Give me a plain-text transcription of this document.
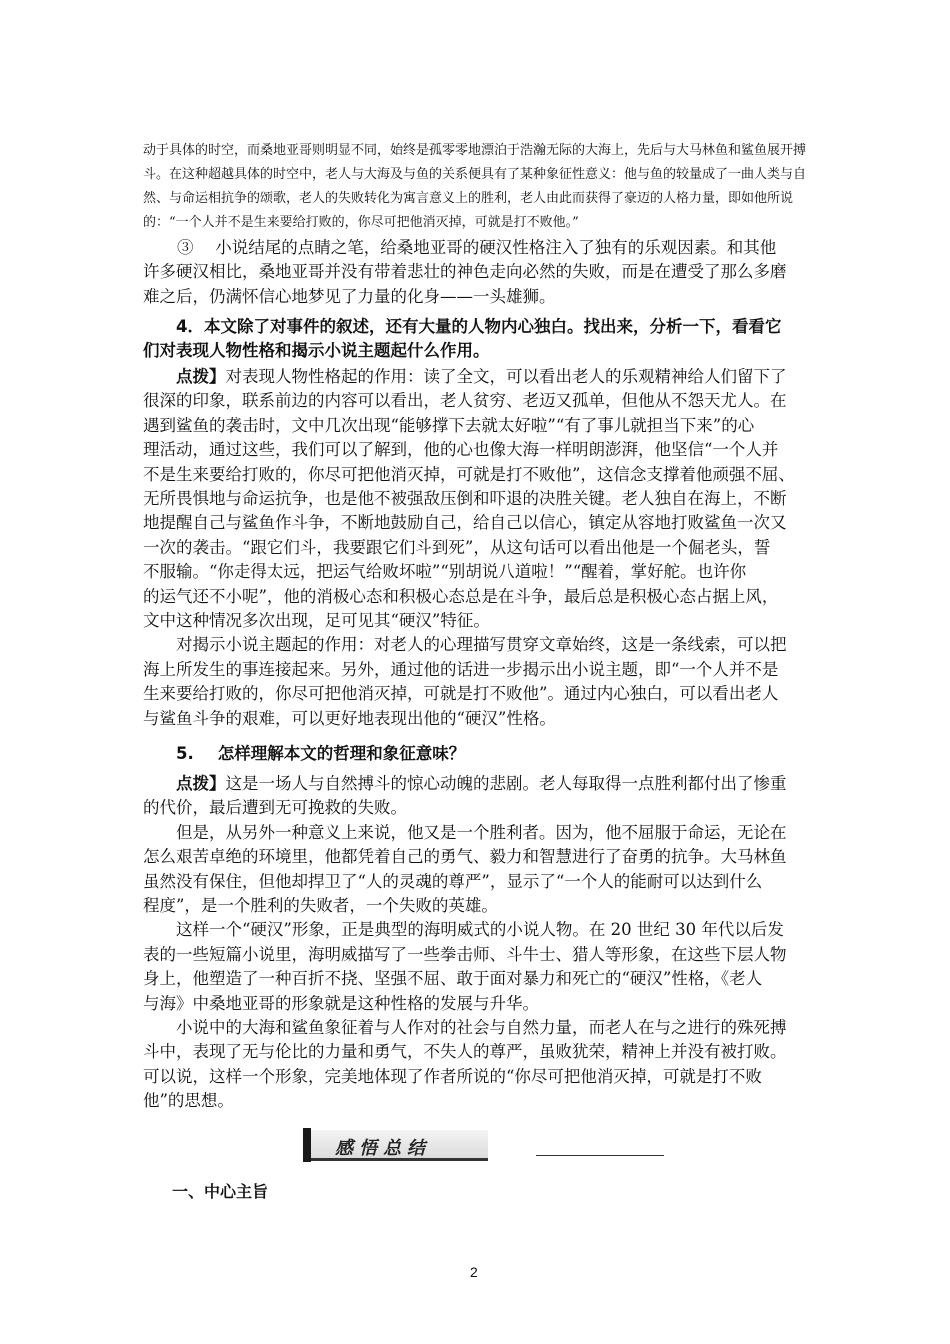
动于具体的时空，而桑地亚哥则明显不同，始终是孤零零地漂泊于浩瀚无际的大海上，先后与大马林鱼和鲨鱼展开搏
斗。在这种超越具体的时空中，老人与大海及与鱼的关系便具有了某种象征性意义：他与鱼的较量成了一曲人类与自
然、与命运相抗争的颂歌，老人的失败转化为寓言意义上的胜利，老人由此而获得了豪迈的人格力量，即如他所说
的：“一个人并不是生来要给打败的，你尽可把他消灭掉，可就是打不败他。”
③　 小说结尾的点睛之笔，给桑地亚哥的硬汉性格注入了独有的乐观因素。和其他
许多硬汉相比，桑地亚哥并没有带着悲壮的神色走向必然的失败，而是在遭受了那么多磨
难之后，仍满怀信心地梦见了力量的化身——一头雄狮。
4．本文除了对事件的叙述，还有大量的人物内心独白。找出来，分析一下，看看它
们对表现人物性格和揭示小说主题起什么作用。
点拨】对表现人物性格起的作用：读了全文，可以看出老人的乐观精神给人们留下了
很深的印象，联系前边的内容可以看出，老人贫穷、老迈又孤单，但他从不怨天尤人。在
遇到鲨鱼的袭击时，文中几次出现“能够撑下去就太好啦”“有了事儿就担当下来”的心
理活动，通过这些，我们可以了解到，他的心也像大海一样明朗澎湃，他坚信“一个人并
不是生来要给打败的，你尽可把他消灭掉，可就是打不败他”，这信念支撑着他顽强不屈、
无所畏惧地与命运抗争，也是他不被强敌压倒和吓退的决胜关键。老人独自在海上，不断
地提醒自己与鲨鱼作斗争，不断地鼓励自己，给自己以信心，镇定从容地打败鲨鱼一次又
一次的袭击。“跟它们斗，我要跟它们斗到死”，从这句话可以看出他是一个倔老头，誓
不服输。“你走得太远，把运气给败坏啦”“别胡说八道啦！”“醒着，掌好舵。也许你
的运气还不小呢”，他的消极心态和积极心态总是在斗争，最后总是积极心态占据上风，
文中这种情况多次出现，足可见其“硬汉”特征。
对揭示小说主题起的作用：对老人的心理描写贯穿文章始终，这是一条线索，可以把
海上所发生的事连接起来。另外，通过他的话进一步揭示出小说主题，即“一个人并不是
生来要给打败的，你尽可把他消灭掉，可就是打不败他”。通过内心独白，可以看出老人
与鲨鱼斗争的艰难，可以更好地表现出他的“硬汉”性格。
5. 怎样理解本文的哲理和象征意味？
点拨】这是一场人与自然搏斗的惊心动魄的悲剧。老人每取得一点胜利都付出了惨重
的代价，最后遭到无可挽救的失败。
但是，从另外一种意义上来说，他又是一个胜利者。因为，他不屈服于命运，无论在
怎么艰苦卓绝的环境里，他都凭着自己的勇气、毅力和智慧进行了奋勇的抗争。大马林鱼
虽然没有保住，但他却捍卫了“人的灵魂的尊严”，显示了“一个人的能耐可以达到什么
程度”，是一个胜利的失败者，一个失败的英雄。
这样一个“硬汉”形象，正是典型的海明威式的小说人物。在 20 世纪 30 年代以后发
表的一些短篇小说里，海明威描写了一些拳击师、斗牛士、猎人等形象，在这些下层人物
身上，他塑造了一种百折不挠、坚强不屈、敢于面对暴力和死亡的“硬汉”性格，《老人
与海》中桑地亚哥的形象就是这种性格的发展与升华。
小说中的大海和鲨鱼象征着与人作对的社会与自然力量，而老人在与之进行的殊死搏
斗中，表现了无与伦比的力量和勇气，不失人的尊严，虽败犹荣，精神上并没有被打败。
可以说，这样一个形象，完美地体现了作者所说的“你尽可把他消灭掉，可就是打不败
他”的思想。
感悟总结
一、中心主旨
2
